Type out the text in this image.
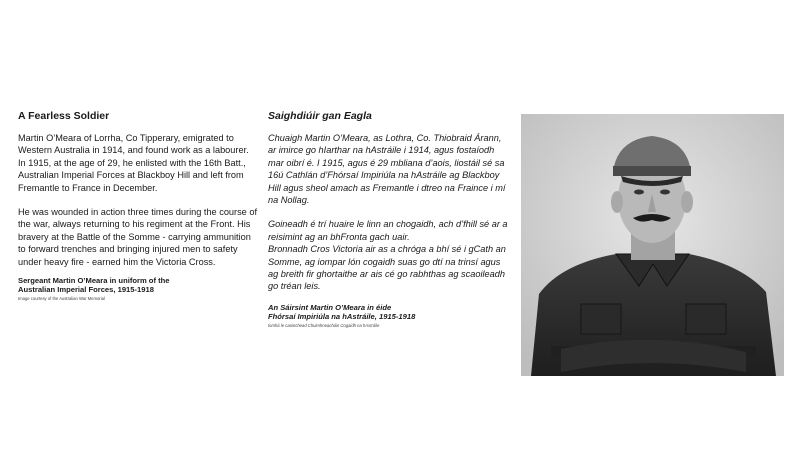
A Fearless Soldier

Martin O’Meara of Lorrha, Co Tipperary, emigrated to Western Australia in 1914, and found work as a labourer. In 1915, at the age of 29, he enlisted with the 16th Batt., Australian Imperial Forces at Blackboy Hill and left from Fremantle to France in December.

He was wounded in action three times during the course of the war, always returning to his regiment at the Front. His bravery at the Battle of the Somme - carrying ammunition to forward trenches and bringing injured men to safety under heavy fire - earned him the Victoria Cross.

Sergeant Martin O’Meara in uniform of the
Australian Imperial Forces, 1915-1918
Image courtesy of the Australian War Memorial
Saighdiúir gan Eagla

Chuaigh Martin O’Meara, as Lothra, Co. Thiobraid Árann, ar imirce go hIarthar na hAstráile i 1914, agus fostaíodh mar oibrí é. I 1915, agus é 29 mbliana d’aois, liostáil sé sa 16ú Cathlán d’Fhórsaí Impiriúla na hAstráile ag Blackboy Hill agus sheol amach as Fremantle i dtreo na Fraince i mí na Nollag.

Goineadh é trí huaire le linn an chogaidh, ach d’fhill sé ar a reisimint ag an bhFronta gach uair.
Bronnadh Cros Victoria air as a chróga a bhí sé i gCath an Somme, ag iompar lón cogaidh suas go dtí na trinsí agus ag breith fir ghortaithe ar ais cé go rabhthas ag scaoileadh go tréan leis.

An Sáirsint Martin O’Meara in éide
Fhórsaí Impiriúla na hAstráile, 1915-1918
Íomhá le caoinchead Chuimhneacháin Cogaidh na hAstráile
